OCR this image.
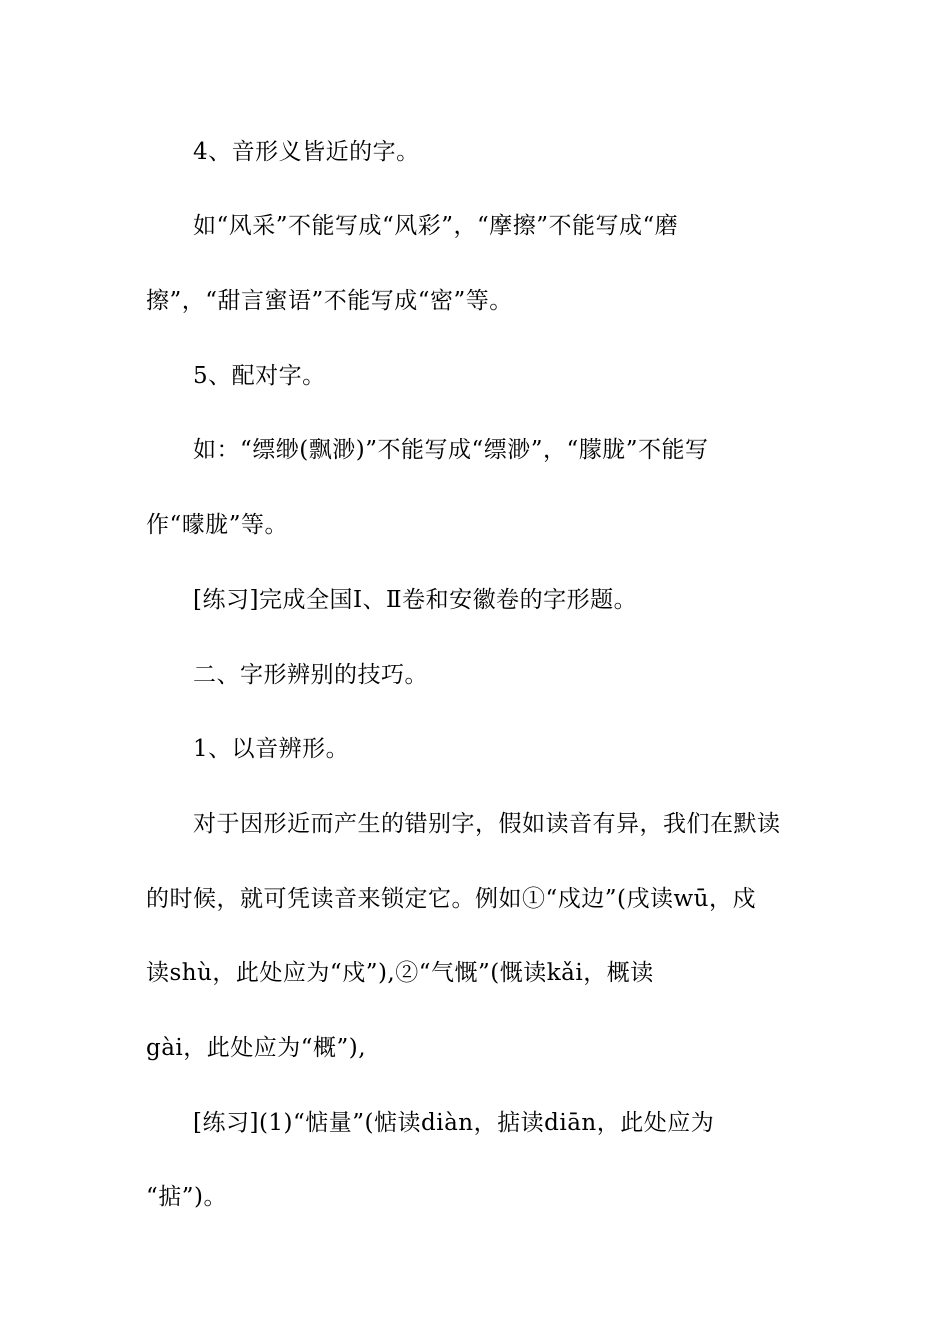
4、音形义皆近的字。
如“风采”不能写成“风彩”，“摩擦”不能写成“磨
擦”，“甜言蜜语”不能写成“密”等。
5、配对字。
如：“缥缈(飘渺)”不能写成“缥渺”，“朦胧”不能写
作“曚胧”等。
[练习]完成全国Ⅰ、Ⅱ卷和安徽卷的字形题。
二、字形辨别的技巧。
1、以音辨形。
对于因形近而产生的错别字，假如读音有异，我们在默读
的时候，就可凭读音来锁定它。例如①“戍边”(戌读wū，戍
读shù，此处应为“戍”),②“气慨”(慨读kǎi，概读
gài，此处应为“概”),
[练习](1)“惦量”(惦读diàn，掂读diān，此处应为
“掂”)。
